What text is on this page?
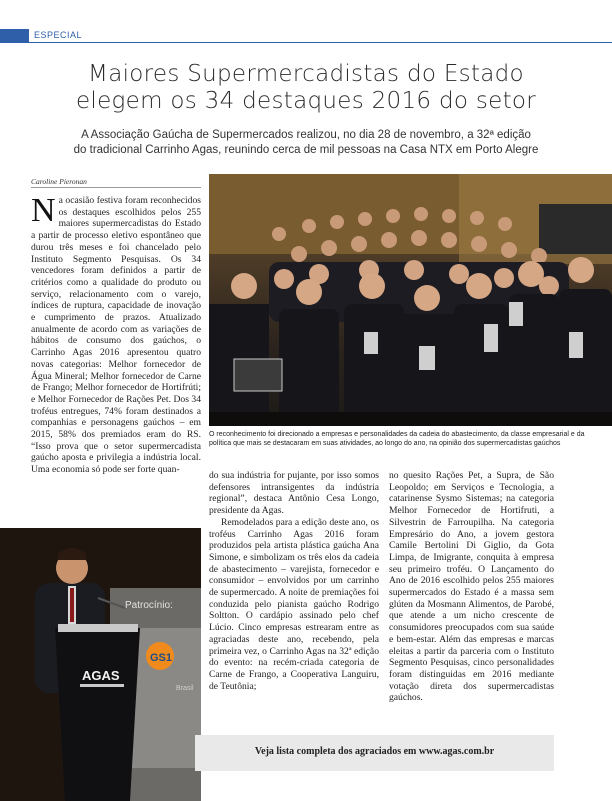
ESPECIAL
Maiores Supermercadistas do Estado
elegem os 34 destaques 2016 do setor
A Associação Gaúcha de Supermercados realizou, no dia 28 de novembro, a 32ª edição
do tradicional Carrinho Agas, reunindo cerca de mil pessoas na Casa NTX em Porto Alegre
Caroline Pieronan
N a ocasião festiva foram reconhecidos os destaques escolhidos pelos 255 maiores supermercadistas do Estado a partir de processo eletivo espontâneo que durou três meses e foi chancelado pelo Instituto Segmento Pesquisas. Os 34 vencedores foram definidos a partir de critérios como a qualidade do produto ou serviço, relacionamento com o varejo, índices de ruptura, capacidade de inovação e cumprimento de prazos. Atualizado anualmente de acordo com as variações de hábitos de consumo dos gaúchos, o Carrinho Agas 2016 apresentou quatro novas categorias: Melhor fornecedor de Água Mineral; Melhor fornecedor de Carne de Frango; Melhor fornecedor de Hortifrúti; e Melhor Fornecedor de Rações Pet. Dos 34 troféus entregues, 74% foram destinados a companhias e personagens gaúchos – em 2015, 58% dos premiados eram do RS. “Isso prova que o setor supermercadista gaúcho aposta e privilegia a indústria local. Uma economia só pode ser forte quan-
O reconhecimento foi direcionado a empresas e personalidades da cadeia do abastecimento, da classe empresarial e da política que mais se destacaram em suas atividades, ao longo do ano, na opinião dos supermercadistas gaúchos
Patrocínio:
GS1
Brasil
AGAS

do sua indústria for pujante, por isso somos defensores intransigentes da indústria regional”, destaca Antônio Cesa Longo, presidente da Agas.

Remodelados para a edição deste ano, os troféus Carrinho Agas 2016 foram produzidos pela artista plástica gaúcha Ana Simone, e simbolizam os três elos da cadeia de abastecimento – varejista, fornecedor e consumidor – envolvidos por um carrinho de supermercado. A noite de premiações foi conduzida pelo pianista gaúcho Rodrigo Soltton. O cardápio assinado pelo chef Lúcio. Cinco empresas estrearam entre as agraciadas deste ano, recebendo, pela primeira vez, o Carrinho Agas na 32ª edição do evento: na recém-criada categoria de Carne de Frango, a Cooperativa Languiru, de Teutônia;

no quesito Rações Pet, a Supra, de São Leopoldo; em Serviços e Tecnologia, a catarinense Sysmo Sistemas; na categoria Melhor Fornecedor de Hortifruti, a Silvestrin de Farroupilha. Na categoria Empresário do Ano, a jovem gestora Camile Bertolini Di Giglio, da Gota Limpa, de Imigrante, conquita à empresa seu primeiro troféu. O Lançamento do Ano de 2016 escolhido pelos 255 maiores supermercados do Estado é a massa sem glúten da Mosmann Alimentos, de Parobé, que atende a um nicho crescente de consumidores preocupados com sua saúde e bem-estar. Além das empresas e marcas eleitas a partir da parceria com o Instituto Segmento Pesquisas, cinco personalidades foram distinguidas em 2016 mediante votação direta dos supermercadistas gaúchos.

Veja lista completa dos agraciados em www.agas.com.br
